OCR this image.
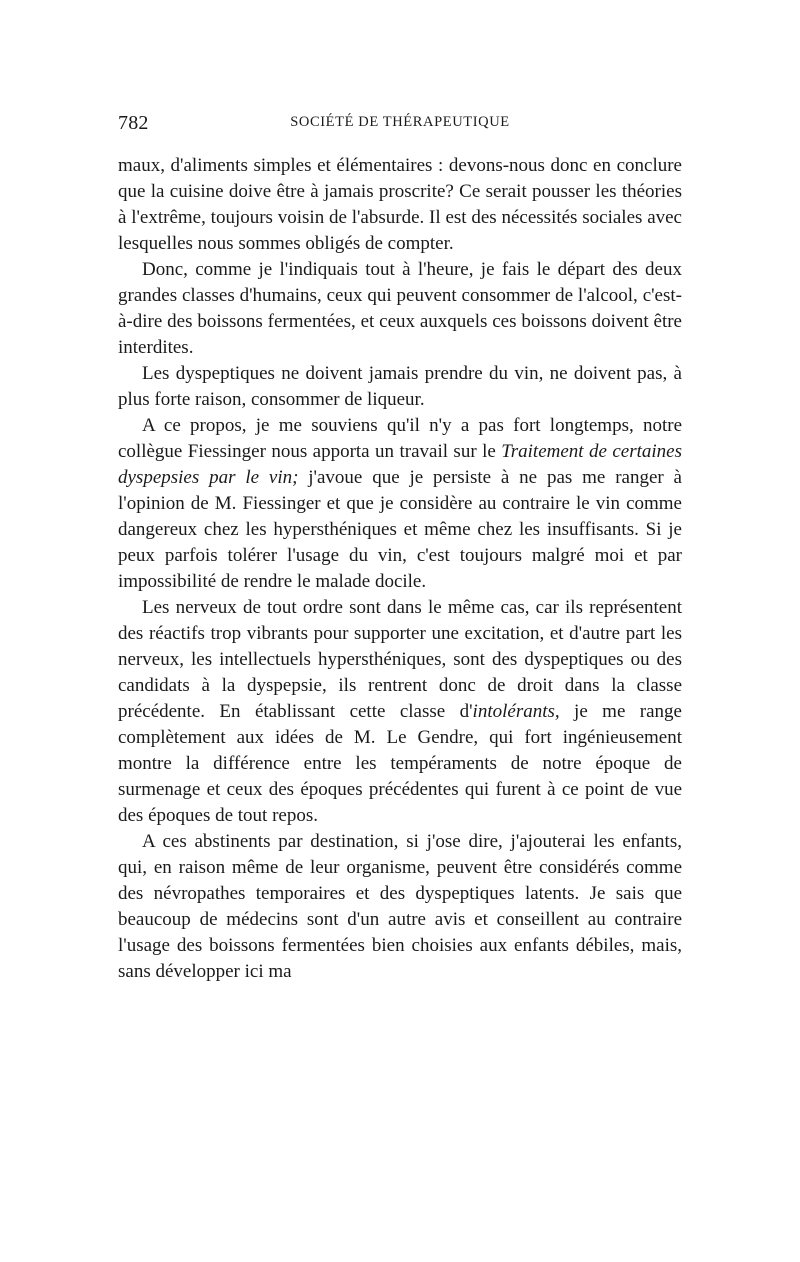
782	SOCIÉTÉ DE THÉRAPEUTIQUE

maux, d'aliments simples et élémentaires : devons-nous donc en conclure que la cuisine doive être à jamais proscrite? Ce serait pousser les théories à l'extrême, toujours voisin de l'absurde. Il est des nécessités sociales avec lesquelles nous sommes obligés de compter.

Donc, comme je l'indiquais tout à l'heure, je fais le départ des deux grandes classes d'humains, ceux qui peuvent consommer de l'alcool, c'est-à-dire des boissons fermentées, et ceux auxquels ces boissons doivent être interdites.

Les dyspeptiques ne doivent jamais prendre du vin, ne doivent pas, à plus forte raison, consommer de liqueur.

A ce propos, je me souviens qu'il n'y a pas fort longtemps, notre collègue Fiessinger nous apporta un travail sur le Traitement de certaines dyspepsies par le vin; j'avoue que je persiste à ne pas me ranger à l'opinion de M. Fiessinger et que je considère au contraire le vin comme dangereux chez les hypersthéniques et même chez les insuffisants. Si je peux parfois tolérer l'usage du vin, c'est toujours malgré moi et par impossibilité de rendre le malade docile.

Les nerveux de tout ordre sont dans le même cas, car ils représentent des réactifs trop vibrants pour supporter une excitation, et d'autre part les nerveux, les intellectuels hypersthéniques, sont des dyspeptiques ou des candidats à la dyspepsie, ils rentrent donc de droit dans la classe précédente. En établissant cette classe d'intolérants, je me range complètement aux idées de M. Le Gendre, qui fort ingénieusement montre la différence entre les tempéraments de notre époque de surmenage et ceux des époques précédentes qui furent à ce point de vue des époques de tout repos.

A ces abstinents par destination, si j'ose dire, j'ajouterai les enfants, qui, en raison même de leur organisme, peuvent être considérés comme des névropathes temporaires et des dyspeptiques latents. Je sais que beaucoup de médecins sont d'un autre avis et conseillent au contraire l'usage des boissons fermentées bien choisies aux enfants débiles, mais, sans développer ici ma
